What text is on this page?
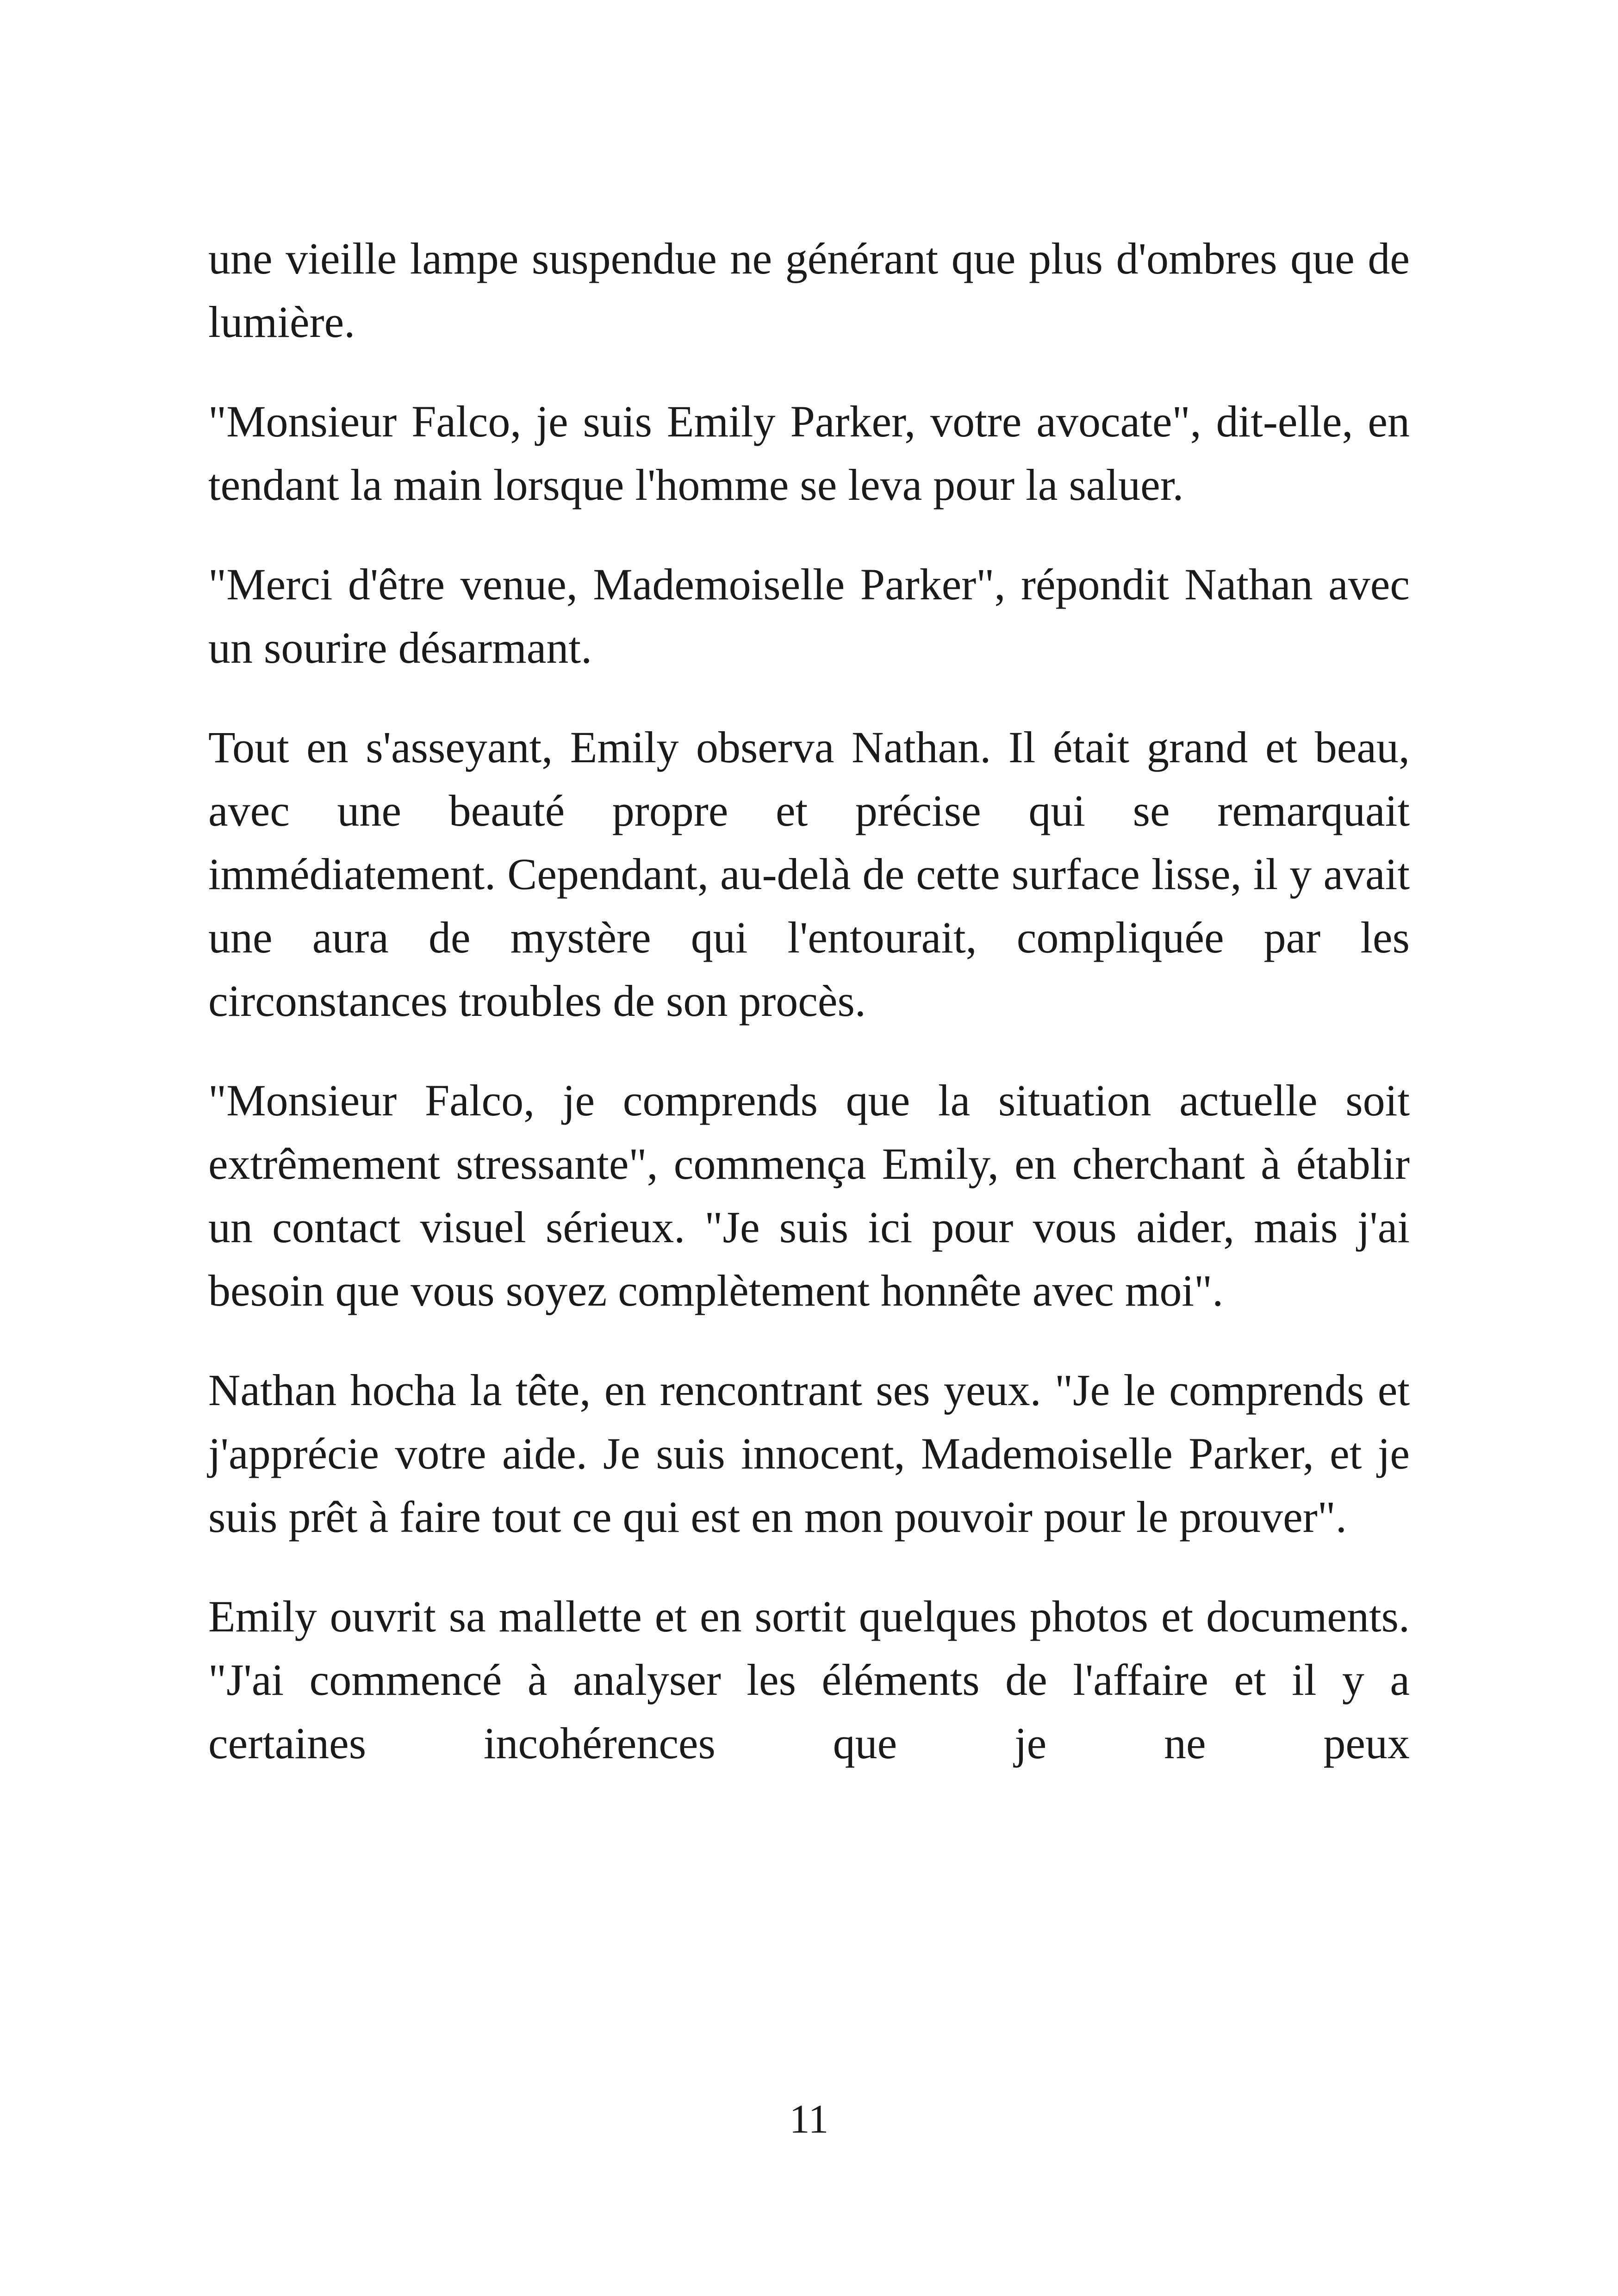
une vieille lampe suspendue ne générant que plus d'ombres que de lumière.

"Monsieur Falco, je suis Emily Parker, votre avocate", dit-elle, en tendant la main lorsque l'homme se leva pour la saluer.

"Merci d'être venue, Mademoiselle Parker", répondit Nathan avec un sourire désarmant.

Tout en s'asseyant, Emily observa Nathan. Il était grand et beau, avec une beauté propre et précise qui se remarquait immédiatement. Cependant, au-delà de cette surface lisse, il y avait une aura de mystère qui l'entourait, compliquée par les circonstances troubles de son procès.

"Monsieur Falco, je comprends que la situation actuelle soit extrêmement stressante", commença Emily, en cherchant à établir un contact visuel sérieux. "Je suis ici pour vous aider, mais j'ai besoin que vous soyez complètement honnête avec moi".

Nathan hocha la tête, en rencontrant ses yeux. "Je le comprends et j'apprécie votre aide. Je suis innocent, Mademoiselle Parker, et je suis prêt à faire tout ce qui est en mon pouvoir pour le prouver".

Emily ouvrit sa mallette et en sortit quelques photos et documents. "J'ai commencé à analyser les éléments de l'affaire et il y a certaines incohérences que je ne peux

11
